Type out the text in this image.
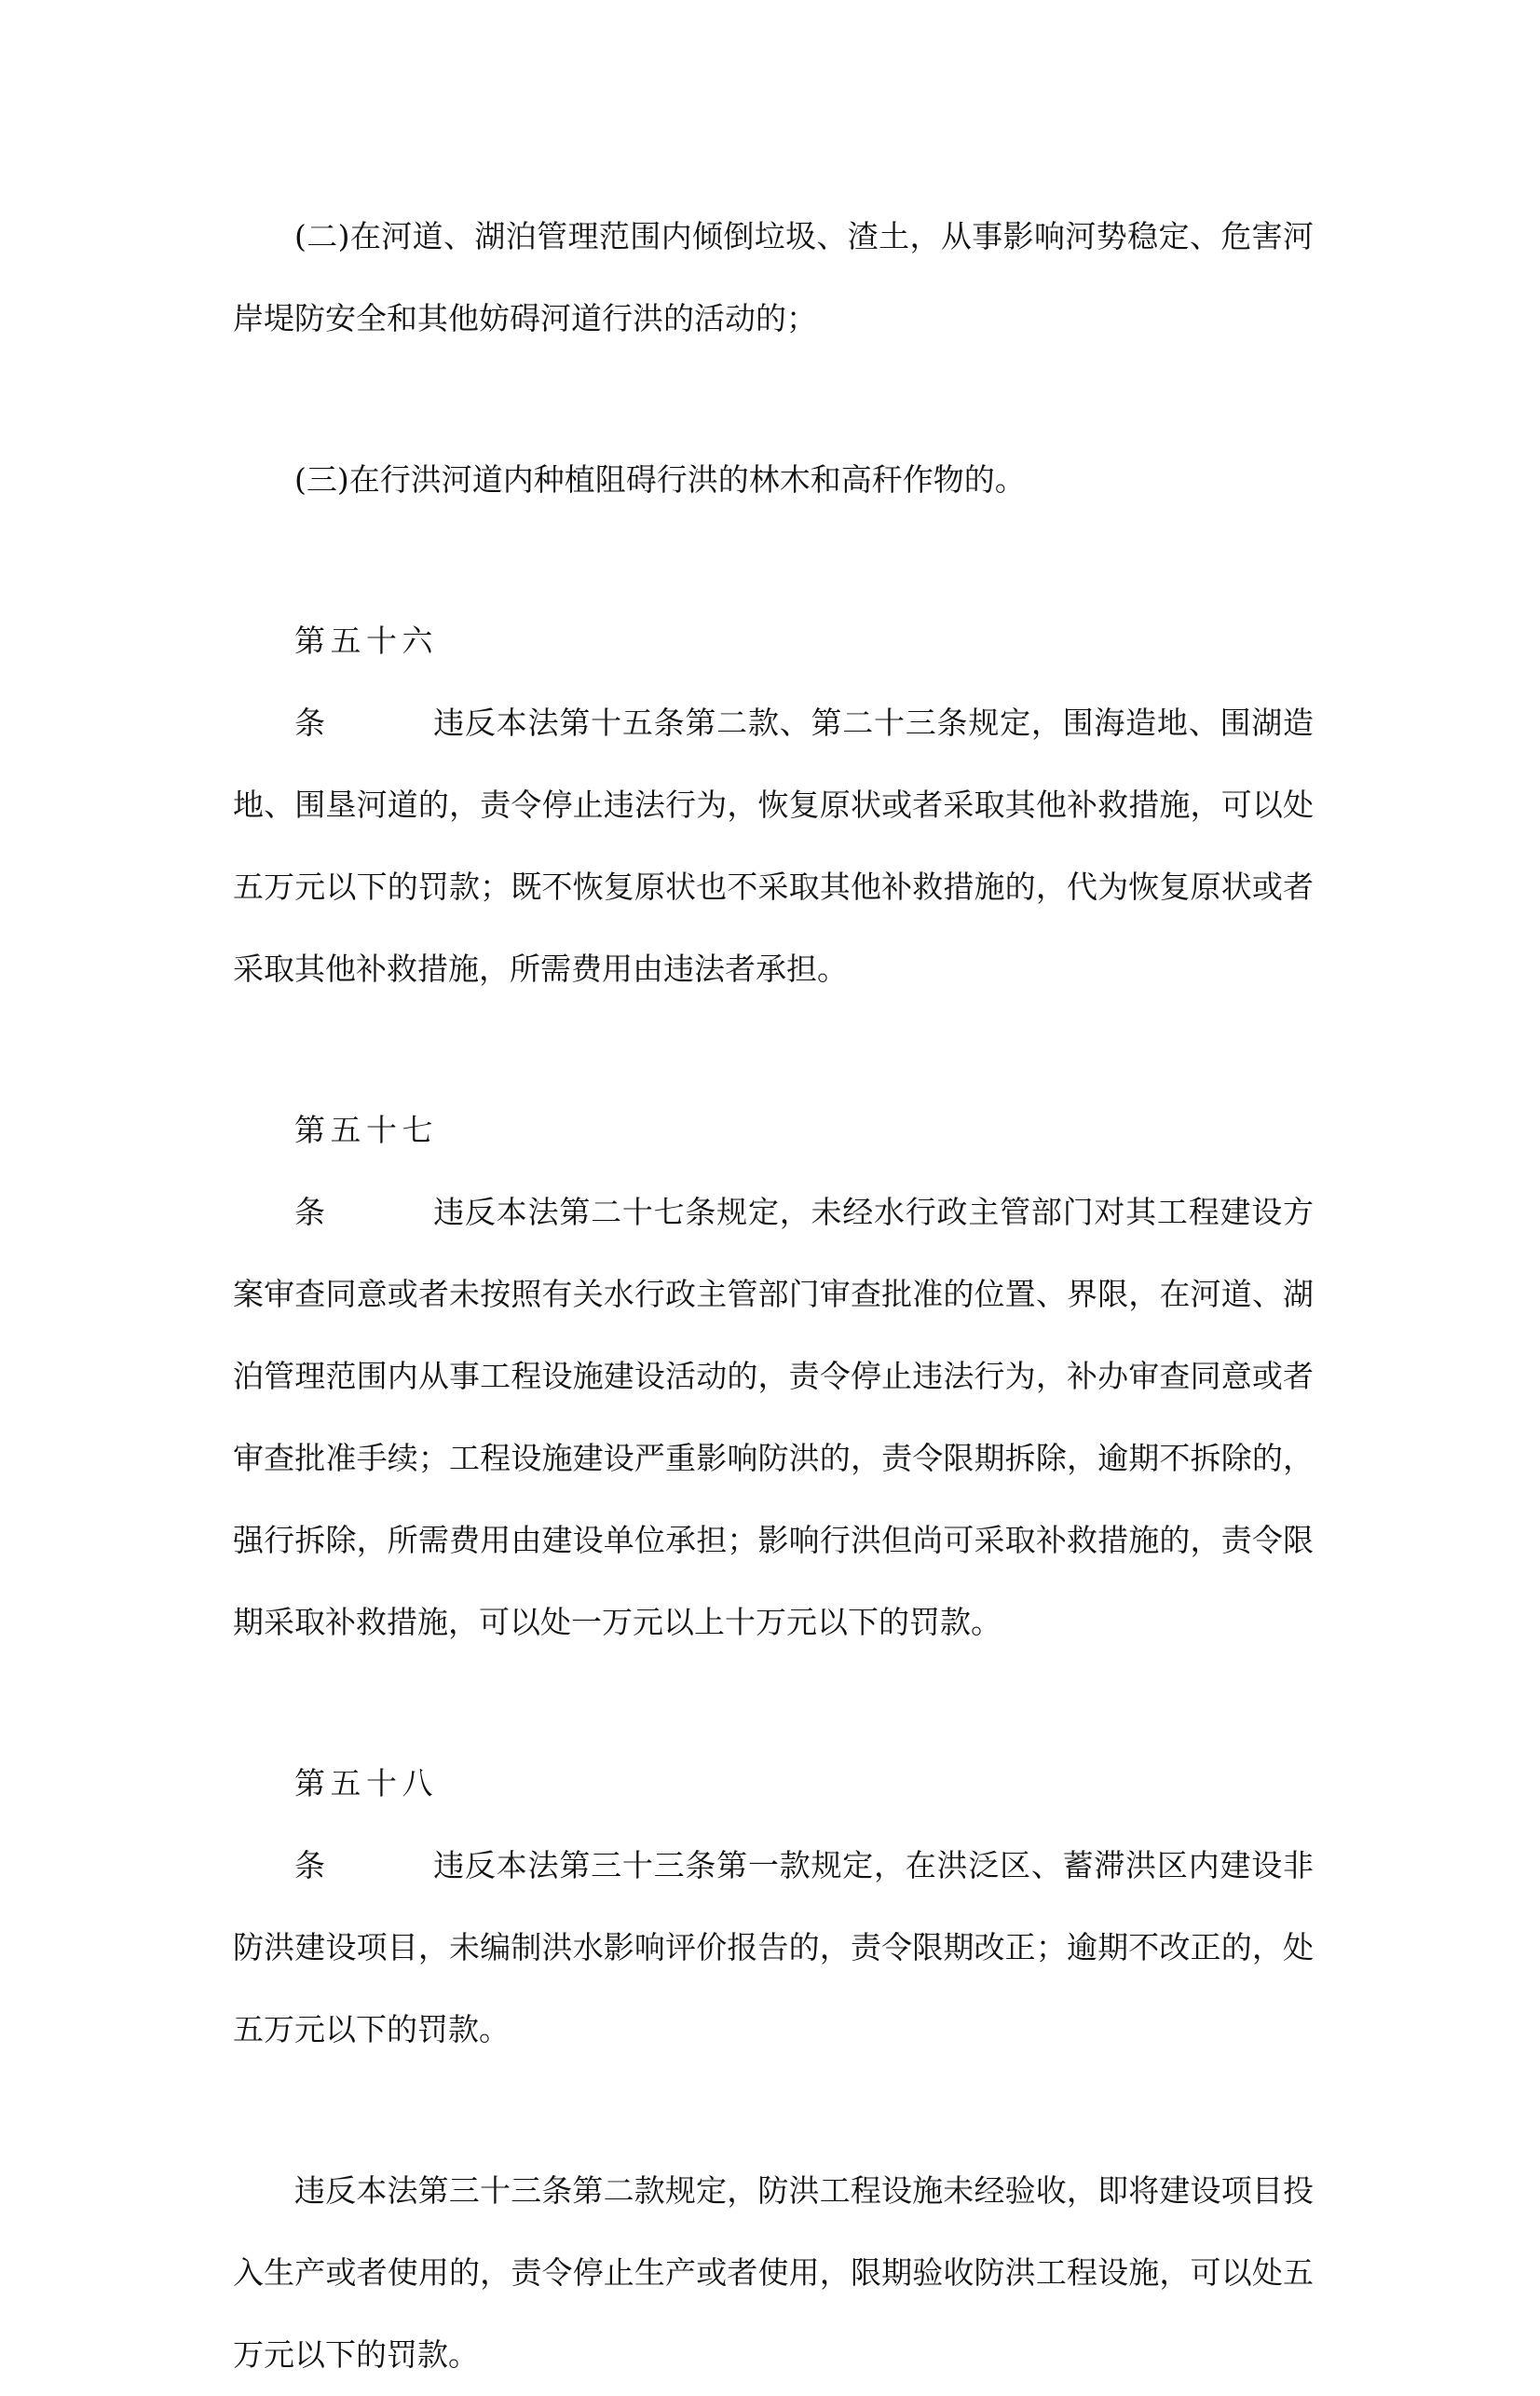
(二)在河道、湖泊管理范围内倾倒垃圾、渣土，从事影响河势稳定、危害河岸堤防安全和其他妨碍河道行洪的活动的；

(三)在行洪河道内种植阻碍行洪的林木和高秆作物的。

第五十六条	违反本法第十五条第二款、第二十三条规定，围海造地、围湖造地、围垦河道的，责令停止违法行为，恢复原状或者采取其他补救措施，可以处五万元以下的罚款；既不恢复原状也不采取其他补救措施的，代为恢复原状或者采取其他补救措施，所需费用由违法者承担。

第五十七条	违反本法第二十七条规定，未经水行政主管部门对其工程建设方案审查同意或者未按照有关水行政主管部门审查批准的位置、界限，在河道、湖泊管理范围内从事工程设施建设活动的，责令停止违法行为，补办审查同意或者审查批准手续；工程设施建设严重影响防洪的，责令限期拆除，逾期不拆除的，强行拆除，所需费用由建设单位承担；影响行洪但尚可采取补救措施的，责令限期采取补救措施，可以处一万元以上十万元以下的罚款。

第五十八条	违反本法第三十三条第一款规定，在洪泛区、蓄滞洪区内建设非防洪建设项目，未编制洪水影响评价报告的，责令限期改正；逾期不改正的，处五万元以下的罚款。

违反本法第三十三条第二款规定，防洪工程设施未经验收，即将建设项目投入生产或者使用的，责令停止生产或者使用，限期验收防洪工程设施，可以处五万元以下的罚款。
